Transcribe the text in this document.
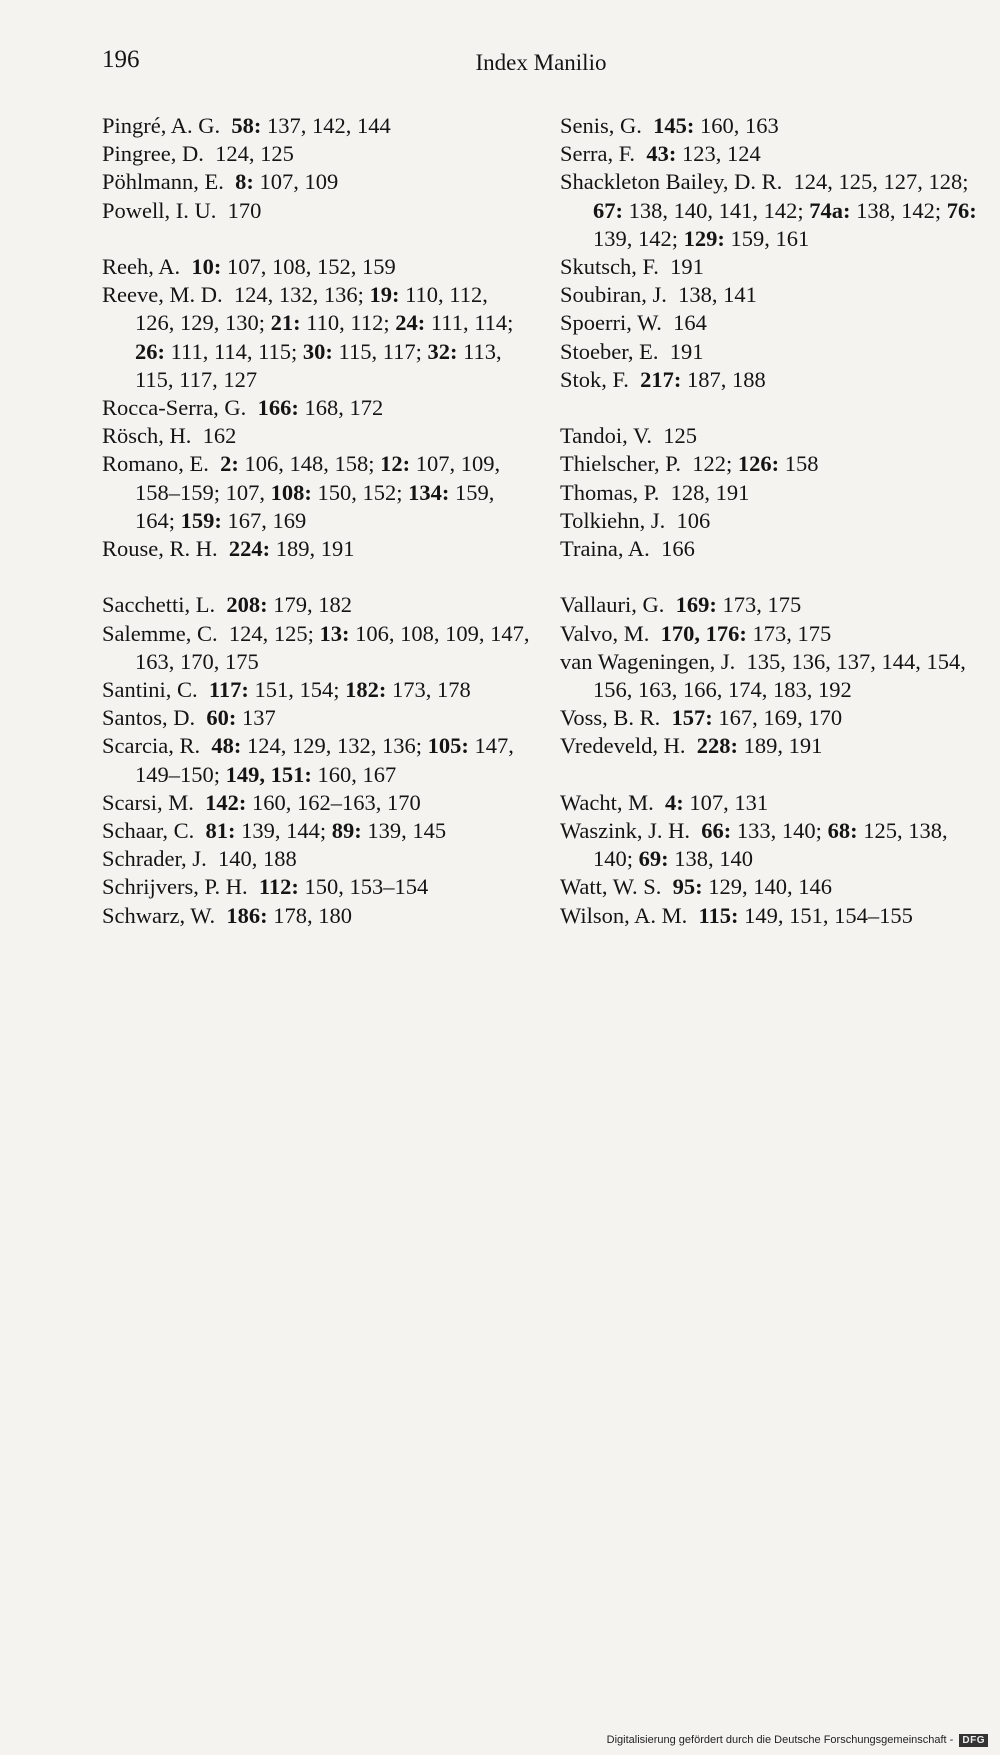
196	Index Manilio

Pingré, A. G. 58: 137, 142, 144

Pingree, D. 124, 125

Pöhlmann, E. 8: 107, 109

Powell, I. U. 170

Reeh, A. 10: 107, 108, 152, 159

Reeve, M. D. 124, 132, 136; 19: 110, 112, 126, 129, 130; 21: 110, 112; 24: 111, 114; 26: 111, 114, 115; 30: 115, 117; 32: 113, 115, 117, 127

Rocca-Serra, G. 166: 168, 172

Rösch, H. 162

Romano, E. 2: 106, 148, 158; 12: 107, 109, 158–159; 107, 108: 150, 152; 134: 159, 164; 159: 167, 169

Rouse, R. H. 224: 189, 191

Sacchetti, L. 208: 179, 182

Salemme, C. 124, 125; 13: 106, 108, 109, 147, 163, 170, 175

Santini, C. 117: 151, 154; 182: 173, 178

Santos, D. 60: 137

Scarcia, R. 48: 124, 129, 132, 136; 105: 147, 149–150; 149, 151: 160, 167

Scarsi, M. 142: 160, 162–163, 170

Schaar, C. 81: 139, 144; 89: 139, 145

Schrader, J. 140, 188

Schrijvers, P. H. 112: 150, 153–154

Schwarz, W. 186: 178, 180

Senis, G. 145: 160, 163

Serra, F. 43: 123, 124

Shackleton Bailey, D. R. 124, 125, 127, 128; 67: 138, 140, 141, 142; 74a: 138, 142; 76: 139, 142; 129: 159, 161

Skutsch, F. 191

Soubiran, J. 138, 141

Spoerri, W. 164

Stoeber, E. 191

Stok, F. 217: 187, 188

Tandoi, V. 125

Thielscher, P. 122; 126: 158

Thomas, P. 128, 191

Tolkiehn, J. 106

Traina, A. 166

Vallauri, G. 169: 173, 175

Valvo, M. 170, 176: 173, 175

van Wageningen, J. 135, 136, 137, 144, 154, 156, 163, 166, 174, 183, 192

Voss, B. R. 157: 167, 169, 170

Vredeveld, H. 228: 189, 191

Wacht, M. 4: 107, 131

Waszink, J. H. 66: 133, 140; 68: 125, 138, 140; 69: 138, 140

Watt, W. S. 95: 129, 140, 146

Wilson, A. M. 115: 149, 151, 154–155

Digitalisierung gefördert durch die Deutsche Forschungsgemeinschaft - DFG
